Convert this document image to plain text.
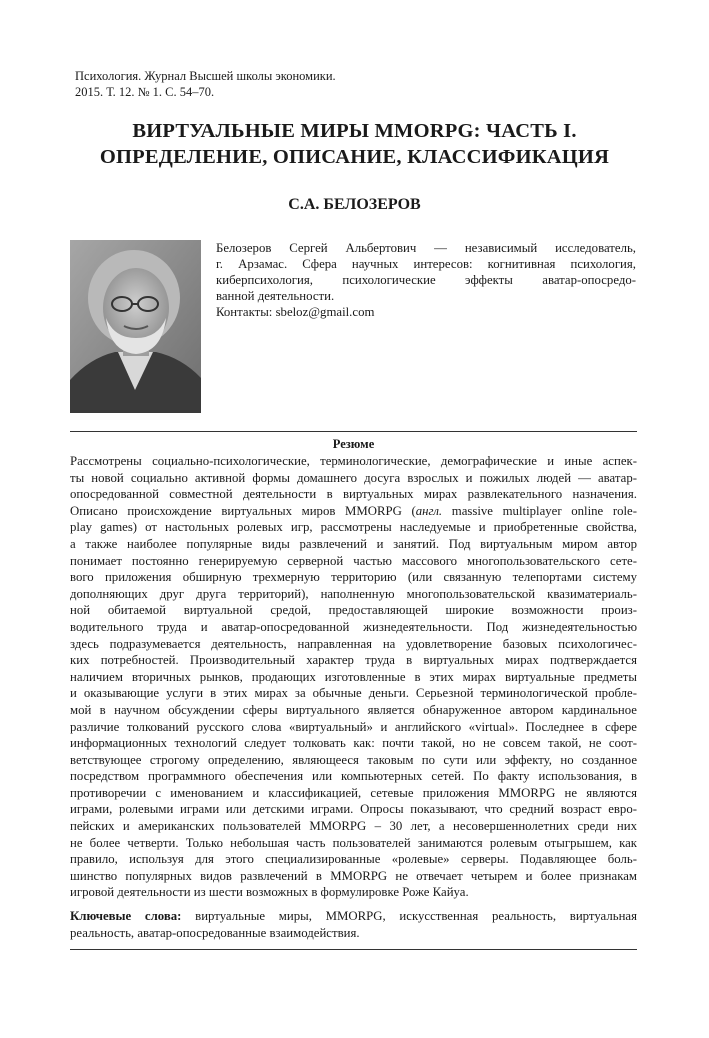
Психология. Журнал Высшей школы экономики.
2015. Т. 12. № 1. С. 54–70.
ВИРТУАЛЬНЫЕ МИРЫ MMORPG: ЧАСТЬ I.
ОПРЕДЕЛЕНИЕ, ОПИСАНИЕ, КЛАССИФИКАЦИЯ
С.А. БЕЛОЗЕРОВ
Белозеров Сергей Альбертович — независимый исследователь,
г. Арзамас. Сфера научных интересов: когнитивная психология,
киберпсихология, психологические эффекты аватар-опосредо-
ванной деятельности.
Контакты: sbeloz@gmail.com
Резюме
Рассмотрены социально-психологические, терминологические, демографические и иные аспек-
ты новой социально активной формы домашнего досуга взрослых и пожилых людей — аватар-
опосредованной совместной деятельности в виртуальных мирах развлекательного назначения.
Описано происхождение виртуальных миров MMORPG (англ. massive multiplayer online role-
play games) от настольных ролевых игр, рассмотрены наследуемые и приобретенные свойства,
а также наиболее популярные виды развлечений и занятий. Под виртуальным миром автор
понимает постоянно генерируемую серверной частью массового многопользовательского сете-
вого приложения обширную трехмерную территорию (или связанную телепортами систему
дополняющих друг друга территорий), наполненную многопользовательской квазиматериаль-
ной обитаемой виртуальной средой, предоставляющей широкие возможности произ-
водительного труда и аватар-опосредованной жизнедеятельности. Под жизнедеятельностью
здесь подразумевается деятельность, направленная на удовлетворение базовых психологичес-
ких потребностей. Производительный характер труда в виртуальных мирах подтверждается
наличием вторичных рынков, продающих изготовленные в этих мирах виртуальные предметы
и оказывающие услуги в этих мирах за обычные деньги. Серьезной терминологической пробле-
мой в научном обсуждении сферы виртуального является обнаруженное автором кардинальное
различие толкований русского слова «виртуальный» и английского «virtual». Последнее в сфере
информационных технологий следует толковать как: почти такой, но не совсем такой, не соот-
ветствующее строгому определению, являющееся таковым по сути или эффекту, но созданное
посредством программного обеспечения или компьютерных сетей. По факту использования, в
противоречии с именованием и классификацией, сетевые приложения MMORPG не являются
играми, ролевыми играми или детскими играми. Опросы показывают, что средний возраст евро-
пейских и американских пользователей MMORPG – 30 лет, а несовершеннолетних среди них
не более четверти. Только небольшая часть пользователей занимаются ролевым отыгрышем, как
правило, используя для этого специализированные «ролевые» серверы. Подавляющее боль-
шинство популярных видов развлечений в MMORPG не отвечает четырем и более признакам
игровой деятельности из шести возможных в формулировке Роже Кайуа.
Ключевые слова: виртуальные миры, MMORPG, искусственная реальность, виртуальная
реальность, аватар-опосредованные взаимодействия.
